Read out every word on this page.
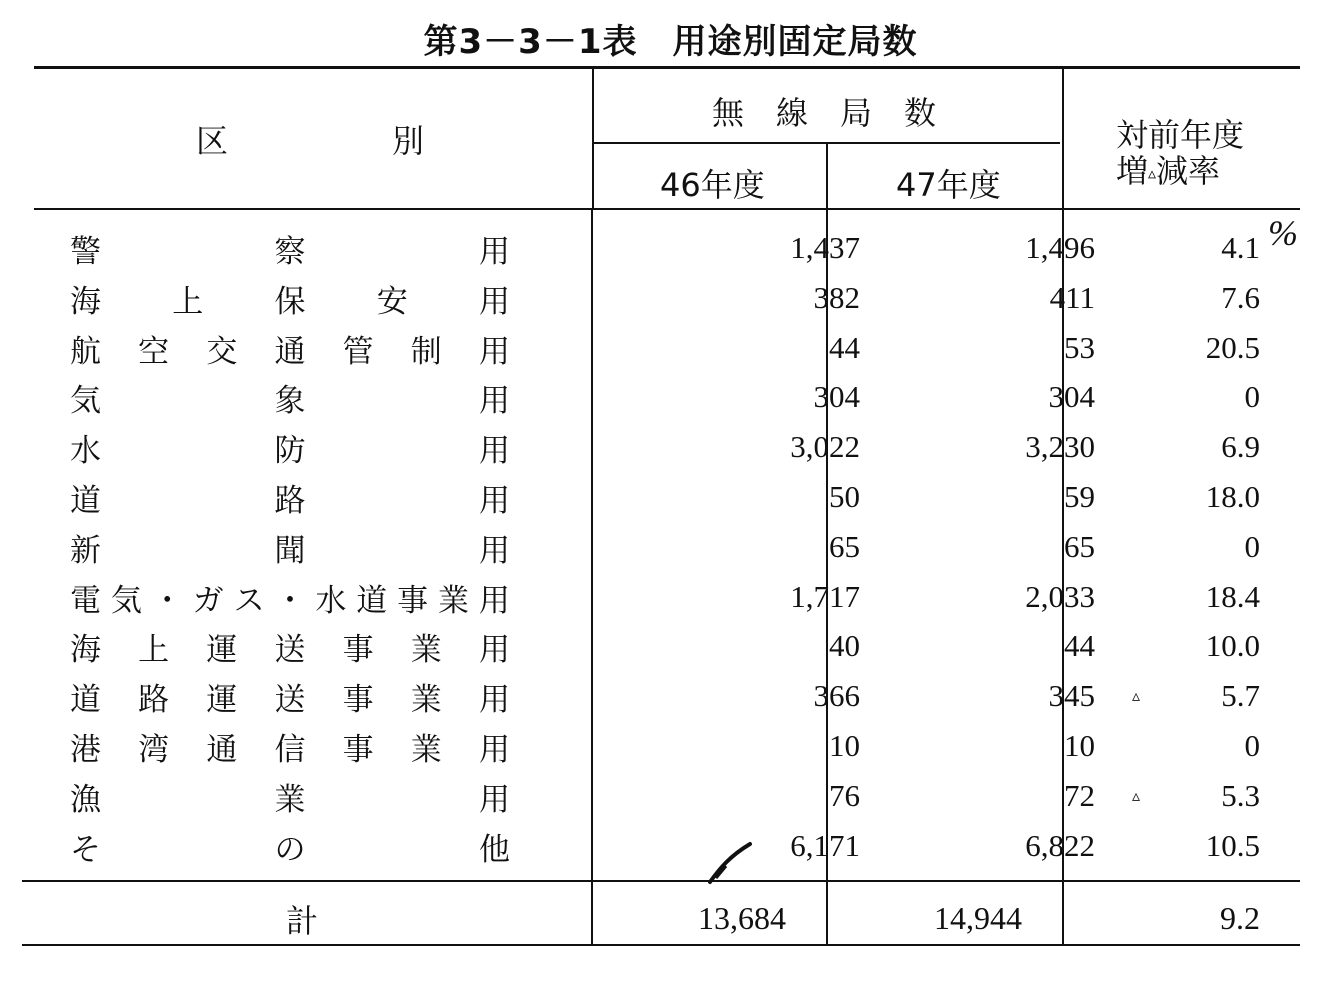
第3－3－1表　用途別固定局数
区	別
無　線　局　数
46年度	47年度
対前年度
増▵減率
%
警	察	用	1,437	1,496	4.1
海 上 保 安 用	382	411	7.6
航 空 交 通 管 制 用	44	53	20.5
気	象	用	304	304	0
水	防	用	3,022	3,230	6.9
道	路	用	50	59	18.0
新	聞	用	65	65	0
電 気 ・ ガ ス ・ 水 道 事 業 用	1,717	2,033	18.4
海 上 運 送 事 業 用	40	44	10.0
道 路 運 送 事 業 用	366	345	5.7
▵
港 湾 通 信 事 業 用	10	10	0
漁	業	用	76	72	5.3
▵
そ	の	他	6,171	6,822	10.5
計	13,684	14,944	9.2
